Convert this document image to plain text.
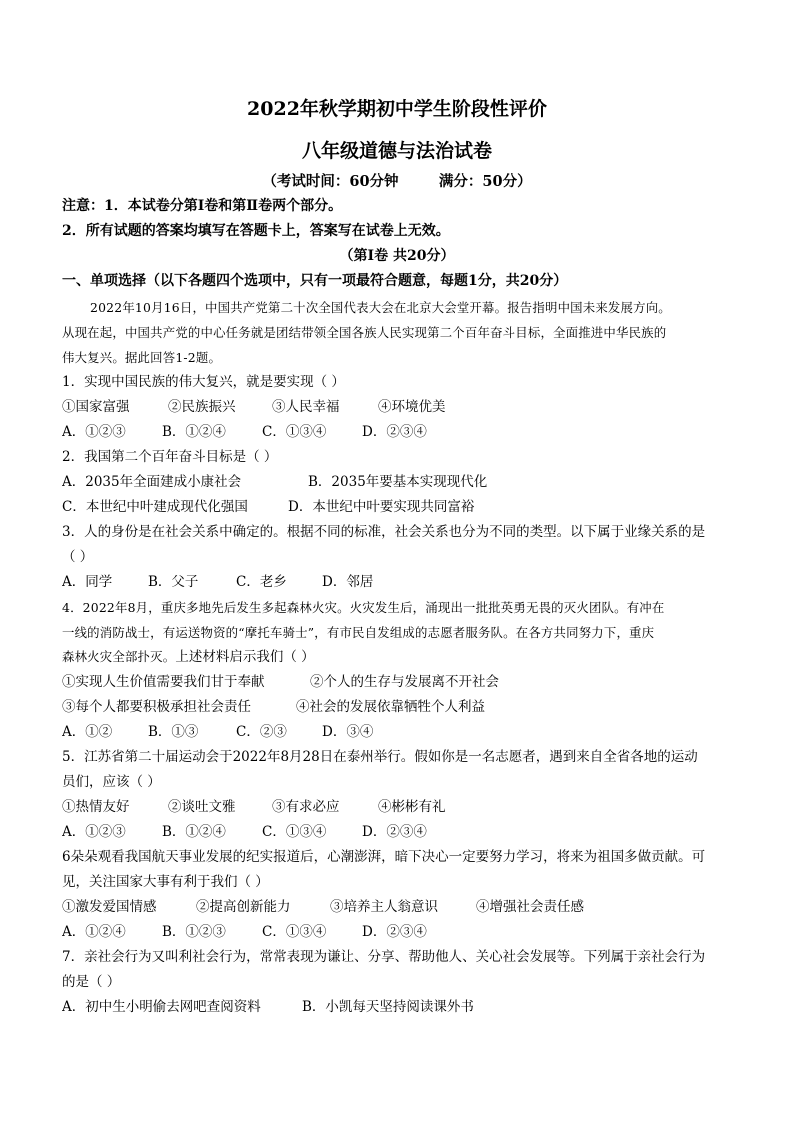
2022年秋学期初中学生阶段性评价
八年级道德与法治试卷
（考试时间：60分钟        满分：50分）
注意：1．本试卷分第Ⅰ卷和第Ⅱ卷两个部分。
2．所有试题的答案均填写在答题卡上，答案写在试卷上无效。
（第Ⅰ卷 共20分）
一、单项选择（以下各题四个选项中，只有一项最符合题意，每题1分，共20分）
2022年10月16日，中国共产党第二十次全国代表大会在北京大会堂开幕。报告指明中国未来发展方向。
从现在起，中国共产党的中心任务就是团结带领全国各族人民实现第二个百年奋斗目标，全面推进中华民族的
伟大复兴。据此回答1-2题。
1．实现中国民族的伟大复兴，就是要实现（ ）
①国家富强	②民族振兴	③人民幸福	④环境优美
A．①②③	B．①②④	C．①③④	D．②③④
2．我国第二个百年奋斗目标是（ ）
A．2035年全面建成小康社会	B．2035年要基本实现现代化
C．本世纪中叶建成现代化强国	D．本世纪中叶要实现共同富裕
3．人的身份是在社会关系中确定的。根据不同的标准，社会关系也分为不同的类型。以下属于业缘关系的是
（ ）
A．同学	B．父子	C．老乡	D．邻居
4．2022年8月，重庆多地先后发生多起森林火灾。火灾发生后，涌现出一批批英勇无畏的灭火团队。有冲在
一线的消防战士，有运送物资的“摩托车骑士”，有市民自发组成的志愿者服务队。在各方共同努力下，重庆
森林火灾全部扑灭。上述材料启示我们（ ）
①实现人生价值需要我们甘于奉献	②个人的生存与发展离不开社会
③每个人都要积极承担社会责任	④社会的发展依靠牺牲个人利益
A．①②	B．①③	C．②③	D．③④
5．江苏省第二十届运动会于2022年8月28日在泰州举行。假如你是一名志愿者，遇到来自全省各地的运动
员们，应该（ ）
①热情友好	②谈吐文雅	③有求必应	④彬彬有礼
A．①②③	B．①②④	C．①③④	D．②③④
6朵朵观看我国航天事业发展的纪实报道后，心潮澎湃，暗下决心一定要努力学习，将来为祖国多做贡献。可
见，关注国家大事有利于我们（ ）
①激发爱国情感	②提高创新能力	③培养主人翁意识	④增强社会责任感
A．①②④	B．①②③	C．①③④	D．②③④
7．亲社会行为又叫利社会行为，常常表现为谦让、分享、帮助他人、关心社会发展等。下列属于亲社会行为
的是（ ）
A．初中生小明偷去网吧查阅资料	B．小凯每天坚持阅读课外书
